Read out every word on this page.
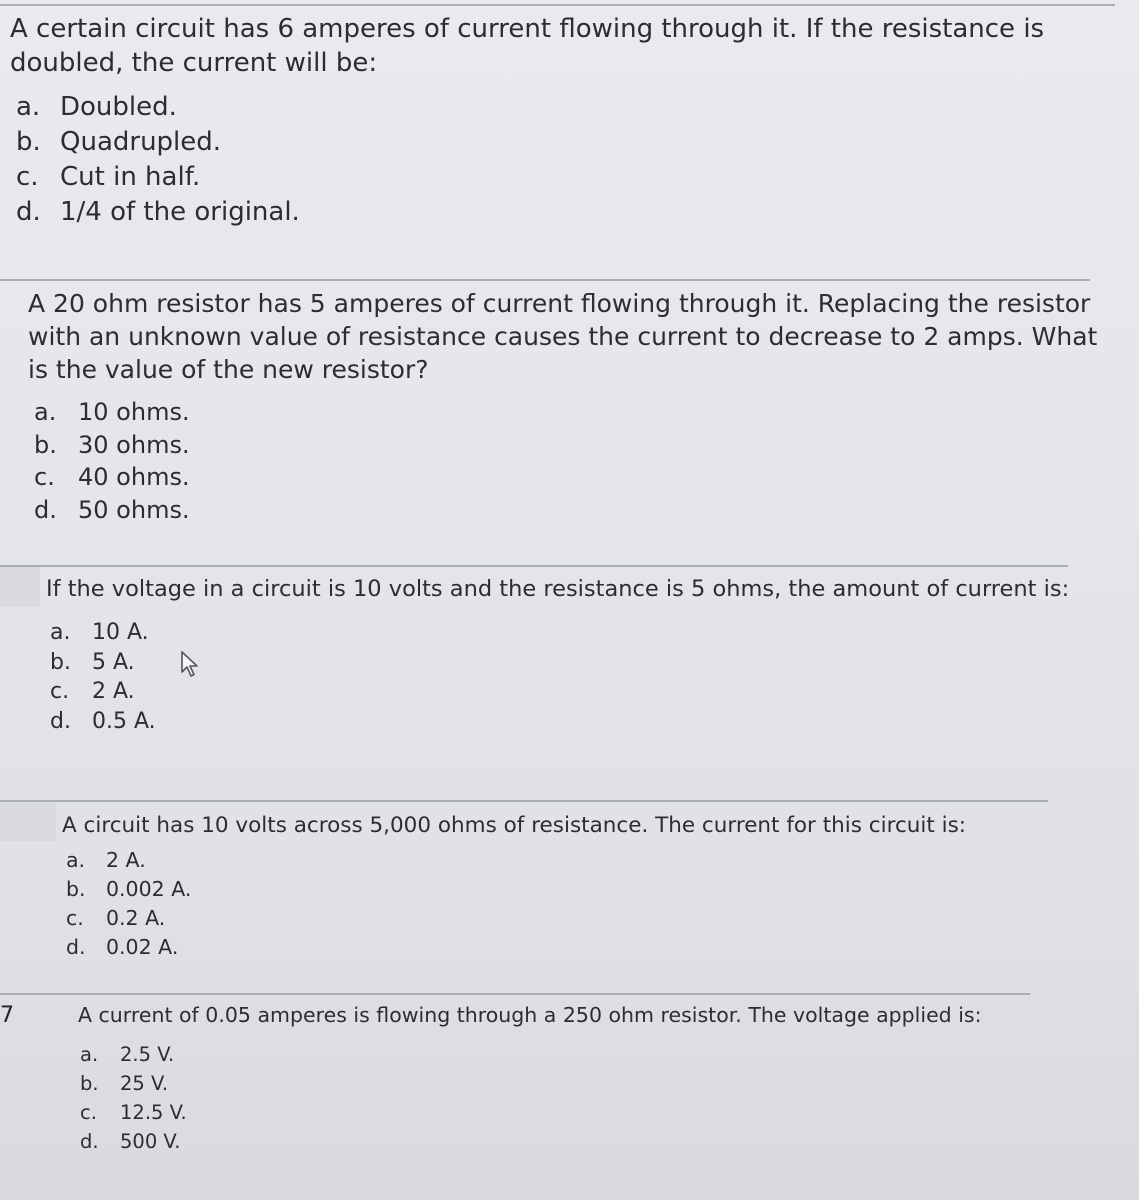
A certain circuit has 6 amperes of current flowing through it. If the resistance is doubled, the current will be:

a. Doubled.
b. Quadrupled.
c. Cut in half.
d. 1/4 of the original.

A 20 ohm resistor has 5 amperes of current flowing through it. Replacing the resistor with an unknown value of resistance causes the current to decrease to 2 amps. What is the value of the new resistor?

a. 10 ohms.
b. 30 ohms.
c. 40 ohms.
d. 50 ohms.

If the voltage in a circuit is 10 volts and the resistance is 5 ohms, the amount of current is:

a. 10 A.
b. 5 A.
c.	2 A.
d. 0.5 A.

A circuit has 10 volts across 5,000 ohms of resistance. The current for this circuit is:

a.	2 A.
b. 0.002 A.
c.	0.2 A.
d. 0.02 A.
7	A current of 0.05 amperes is flowing through a 250 ohm resistor. The voltage applied is:

a.	2.5 V.
b.	25 V.
c.	12.5 V.
d.	500 V.
